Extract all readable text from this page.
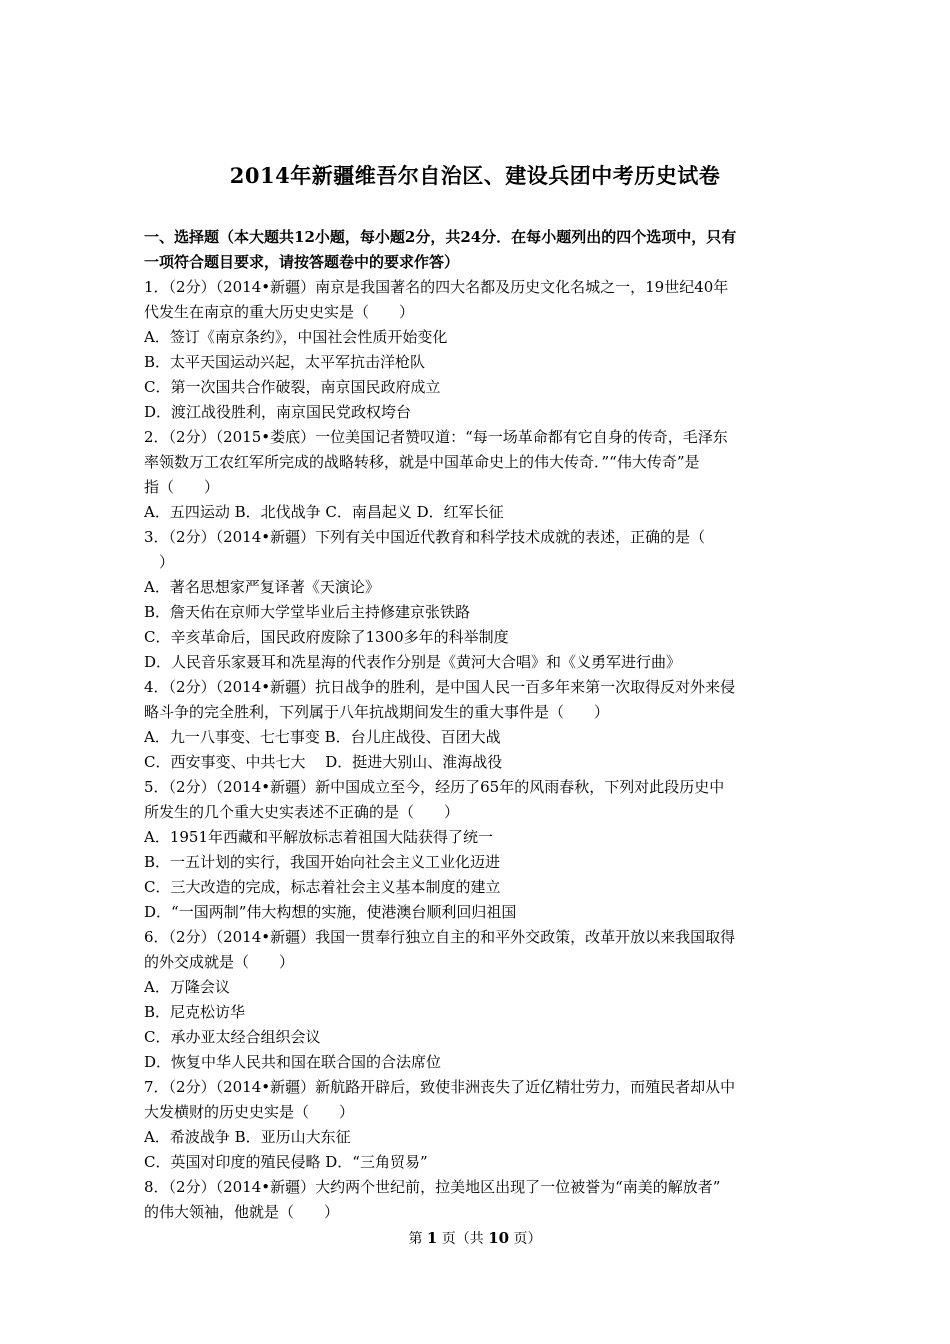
2014年新疆维吾尔自治区、建设兵团中考历史试卷
一、选择题（本大题共12小题，每小题2分，共24分．在每小题列出的四个选项中，只有
一项符合题目要求，请按答题卷中的要求作答）
1．（2分）（2014•新疆）南京是我国著名的四大名都及历史文化名城之一，19世纪40年
代发生在南京的重大历史史实是（　　）
A．签订《南京条约》，中国社会性质开始变化
B．太平天国运动兴起，太平军抗击洋枪队
C．第一次国共合作破裂，南京国民政府成立
D．渡江战役胜利，南京国民党政权垮台
2．（2分）（2015•娄底）一位美国记者赞叹道：“每一场革命都有它自身的传奇，毛泽东
率领数万工农红军所完成的战略转移，就是中国革命史上的伟大传奇．”“伟大传奇”是
指（　　）
A．五四运动 B．北伐战争 C．南昌起义 D．红军长征
3．（2分）（2014•新疆）下列有关中国近代教育和科学技术成就的表述，正确的是（
　）
A．著名思想家严复译著《天演论》
B．詹天佑在京师大学堂毕业后主持修建京张铁路
C．辛亥革命后，国民政府废除了1300多年的科举制度
D．人民音乐家聂耳和冼星海的代表作分别是《黄河大合唱》和《义勇军进行曲》
4．（2分）（2014•新疆）抗日战争的胜利，是中国人民一百多年来第一次取得反对外来侵
略斗争的完全胜利，下列属于八年抗战期间发生的重大事件是（　　）
A．九一八事变、七七事变 B．台儿庄战役、百团大战
C．西安事变、中共七大　 D．挺进大别山、淮海战役
5．（2分）（2014•新疆）新中国成立至今，经历了65年的风雨春秋，下列对此段历史中
所发生的几个重大史实表述不正确的是（　　）
A．1951年西藏和平解放标志着祖国大陆获得了统一
B．一五计划的实行，我国开始向社会主义工业化迈进
C．三大改造的完成，标志着社会主义基本制度的建立
D．“一国两制”伟大构想的实施，使港澳台顺利回归祖国
6．（2分）（2014•新疆）我国一贯奉行独立自主的和平外交政策，改革开放以来我国取得
的外交成就是（　　）
A．万隆会议
B．尼克松访华
C．承办亚太经合组织会议
D．恢复中华人民共和国在联合国的合法席位
7．（2分）（2014•新疆）新航路开辟后，致使非洲丧失了近亿精壮劳力，而殖民者却从中
大发横财的历史史实是（　　）
A．希波战争 B．亚历山大东征
C．英国对印度的殖民侵略 D．“三角贸易”
8．（2分）（2014•新疆）大约两个世纪前，拉美地区出现了一位被誉为“南美的解放者”
的伟大领袖，他就是（　　）
第 1 页（共 10 页）
